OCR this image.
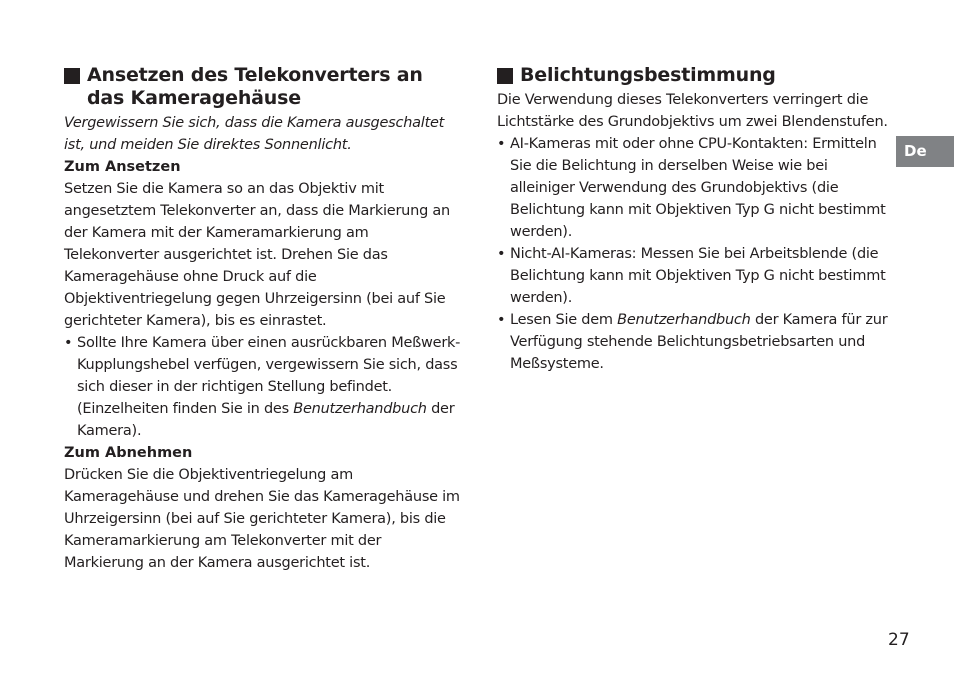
Ansetzen des Telekonverters an das Kameragehäuse

Vergewissern Sie sich, dass die Kamera ausgeschaltet ist, und meiden Sie direktes Sonnenlicht.

Zum Ansetzen

Setzen Sie die Kamera so an das Objektiv mit angesetztem Telekonverter an, dass die Markierung an der Kamera mit der Kameramarkierung am Telekonverter ausgerichtet ist. Drehen Sie das Kameragehäuse ohne Druck auf die Objektiventriegelung gegen Uhrzeigersinn (bei auf Sie gerichteter Kamera), bis es einrastet.

• Sollte Ihre Kamera über einen ausrückbaren Meßwerk-Kupplungshebel verfügen, vergewissern Sie sich, dass sich dieser in der richtigen Stellung befindet. (Einzelheiten finden Sie in des Benutzerhandbuch der Kamera).
Zum Abnehmen

Drücken Sie die Objektiventriegelung am Kameragehäuse und drehen Sie das Kameragehäuse im Uhrzeigersinn (bei auf Sie gerichteter Kamera), bis die Kameramarkierung am Telekonverter mit der Markierung an der Kamera ausgerichtet ist.

Belichtungsbestimmung

Die Verwendung dieses Telekonverters verringert die Lichtstärke des Grundobjektivs um zwei Blendenstufen.

• AI-Kameras mit oder ohne CPU-Kontakten: Ermitteln Sie die Belichtung in derselben Weise wie bei alleiniger Verwendung des Grundobjektivs (die Belichtung kann mit Objektiven Typ G nicht bestimmt werden).
• Nicht-AI-Kameras: Messen Sie bei Arbeitsblende (die Belichtung kann mit Objektiven Typ G nicht bestimmt werden).
• Lesen Sie dem Benutzerhandbuch der Kamera für zur Verfügung stehende Belichtungsbetriebsarten und Meßsysteme.
De
27
